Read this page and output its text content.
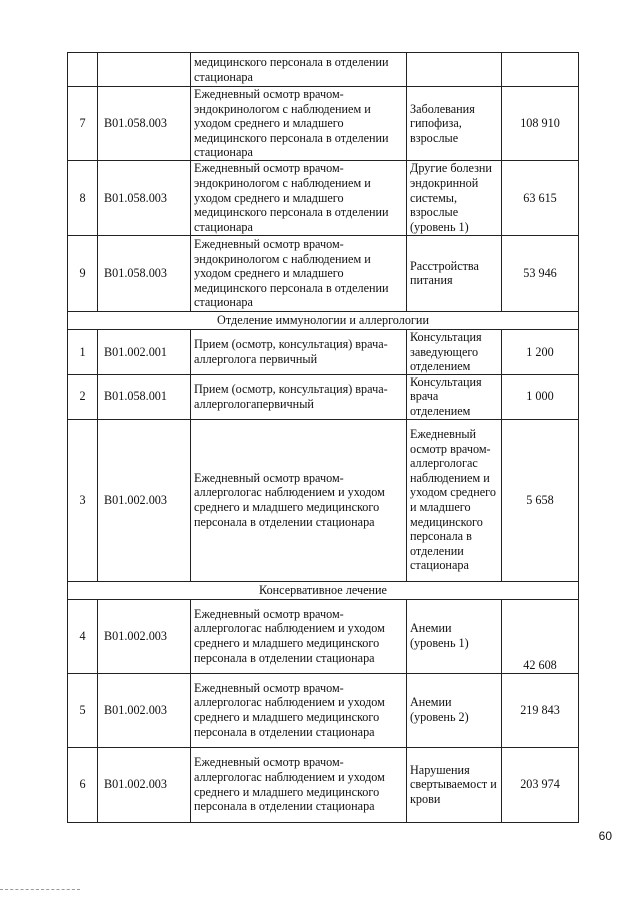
		медицинского персонала в отделении стационара		
7	B01.058.003	Ежедневный осмотр врачом-эндокринологом с наблюдением и уходом среднего и младшего медицинского персонала в отделении стационара	Заболевания гипофиза, взрослые	108 910
8	B01.058.003	Ежедневный осмотр врачом-эндокринологом с наблюдением и уходом среднего и младшего медицинского персонала в отделении стационара	Другие болезни эндокринной системы, взрослые (уровень 1)	63 615
9	B01.058.003	Ежедневный осмотр врачом-эндокринологом с наблюдением и уходом среднего и младшего медицинского персонала в отделении стационара	Расстройства питания	53 946
Отделение иммунологии и аллергологии				
1	B01.002.001	Прием (осмотр, консультация) врача-аллерголога первичный	Консультация заведующего отделением	1 200
2	B01.058.001	Прием (осмотр, консультация) врача-аллергологапервичный	Консультация врача отделением	1 000
3	B01.002.003	Ежедневный осмотр врачом-аллергологас наблюдением и уходом среднего и младшего медицинского персонала в отделении стационара	Ежедневный осмотр врачом-аллергологас наблюдением и уходом среднего и младшего медицинского персонала в отделении стационара	5 658
Консервативное лечение				
4	B01.002.003	Ежедневный осмотр врачом-аллергологас наблюдением и уходом среднего и младшего медицинского персонала в отделении стационара	Анемии (уровень 1)	42 608
5	B01.002.003	Ежедневный осмотр врачом-аллергологас наблюдением и уходом среднего и младшего медицинского персонала в отделении стационара	Анемии (уровень 2)	219 843
6	B01.002.003	Ежедневный осмотр врачом-аллергологас наблюдением и уходом среднего и младшего медицинского персонала в отделении стационара	Нарушения свертываемост и крови	203 974
60
